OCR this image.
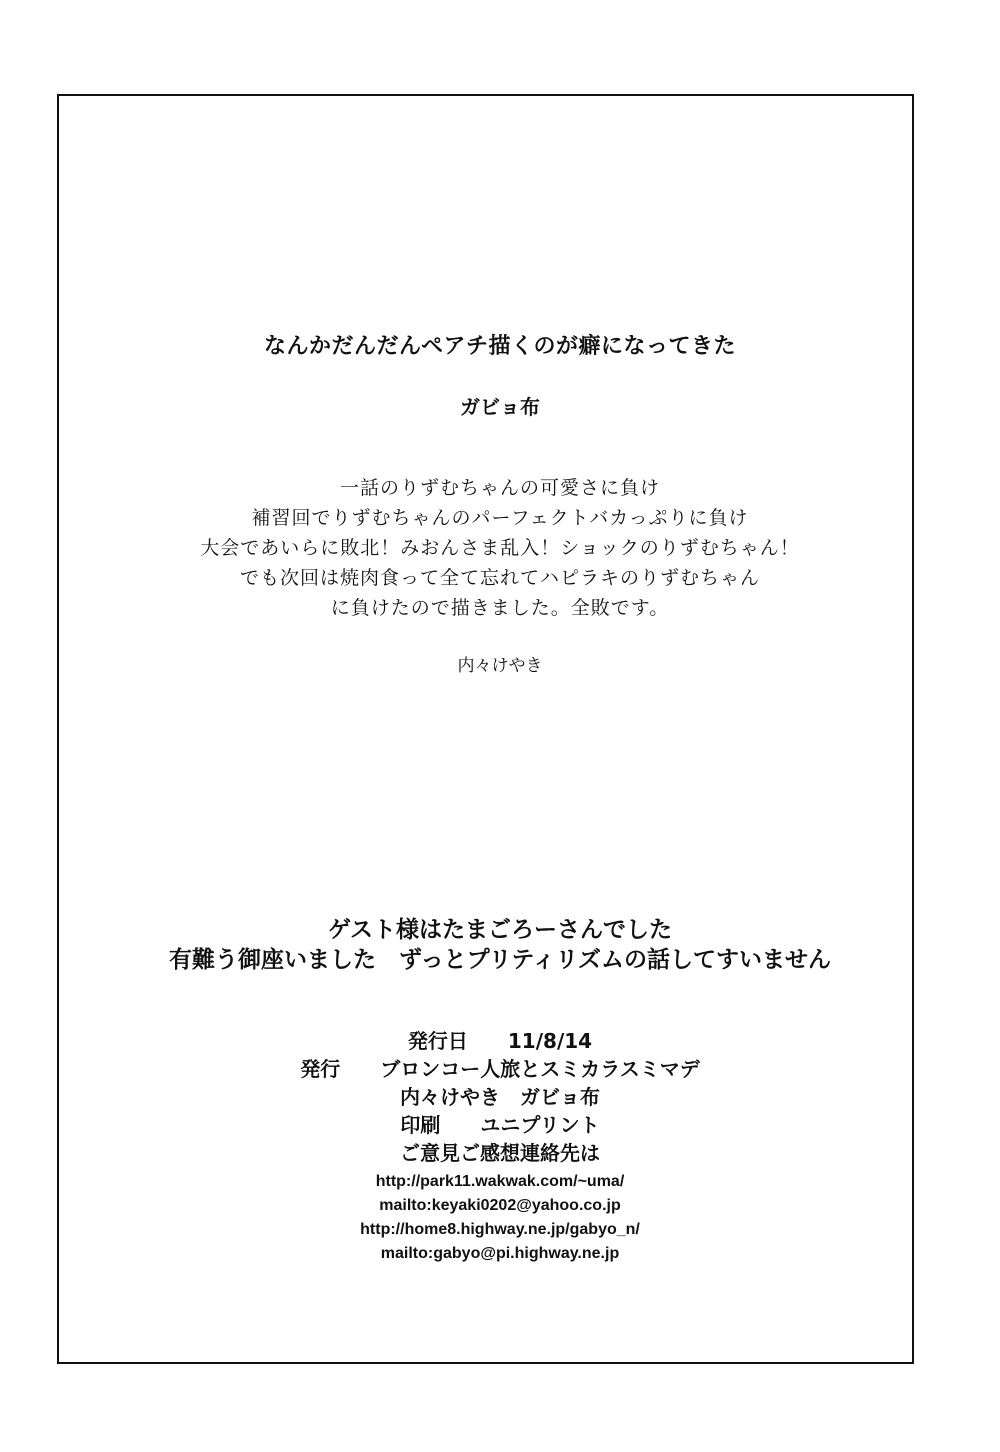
なんかだんだんペアチ描くのが癖になってきた
ガビョ布
一話のりずむちゃんの可愛さに負け
補習回でりずむちゃんのパーフェクトバカっぷりに負け
大会であいらに敗北！みおんさま乱入！ショックのりずむちゃん！
でも次回は焼肉食って全て忘れてハピラキのりずむちゃん
に負けたので描きました。全敗です。
内々けやき
ゲスト様はたまごろーさんでした
有難う御座いました　ずっとプリティリズムの話してすいません
発行日 11/8/14
発行 ブロンコー人旅とスミカラスミマデ
内々けやき　ガビョ布
印刷 ユニプリント
ご意見ご感想連絡先は
http://park11.wakwak.com/~uma/
mailto:keyaki0202@yahoo.co.jp
http://home8.highway.ne.jp/gabyo_n/
mailto:gabyo@pi.highway.ne.jp
